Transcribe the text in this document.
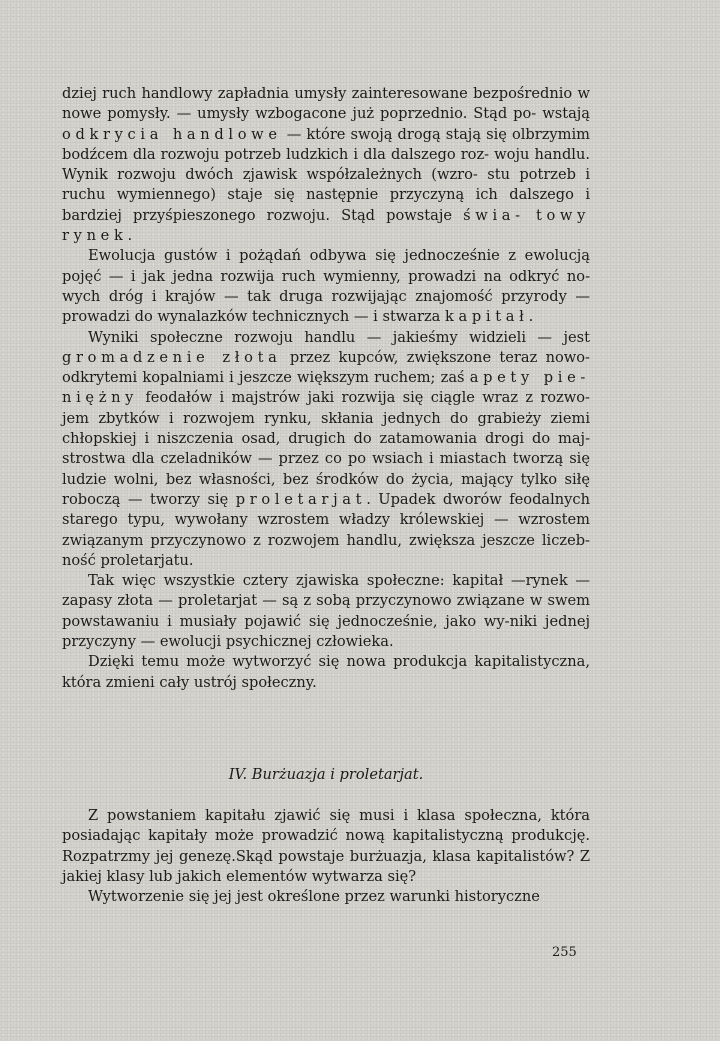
dziej ruch handlowy zapładnia umysły zainteresowane bezpośrednio w nowe pomysły. — umysły wzbogacone już poprzednio. Stąd po- wstają odkrycia handlowe — które swoją drogą stają się olbrzymim bodźcem dla rozwoju potrzeb ludzkich i dla dalszego roz- woju handlu. Wynik rozwoju dwóch zjawisk współzależnych (wzro- stu potrzeb i ruchu wymiennego) staje się następnie przyczyną ich dalszego i bardziej przyśpieszonego rozwoju. Stąd powstaje świa- towy rynek.

Ewolucja gustów i pożądań odbywa się jednocześnie z ewolucją pojęć — i jak jedna rozwija ruch wymienny, prowadzi na odkryć no-wych dróg i krajów — tak druga rozwijając znajomość przyrody — prowadzi do wynalazków technicznych — i stwarza kapitał.

Wyniki społeczne rozwoju handlu — jakieśmy widzieli — jest gromadzenie złota przez kupców, zwiększone teraz nowo-odkrytemi kopalniami i jeszcze większym ruchem; zaś apety pie-niężny feodałów i majstrów jaki rozwija się ciągle wraz z rozwo-jem zbytków i rozwojem rynku, skłania jednych do grabieży ziemi chłopskiej i niszczenia osad, drugich do zatamowania drogi do maj-strostwa dla czeladników — przez co po wsiach i miastach tworzą się ludzie wolni, bez własności, bez środków do życia, mający tylko siłę roboczą — tworzy się proletarjat. Upadek dworów feodalnych starego typu, wywołany wzrostem władzy królewskiej — wzrostem związanym przyczynowo z rozwojem handlu, zwiększa jeszcze liczeb-ność proletarjatu.

Tak więc wszystkie cztery zjawiska społeczne: kapitał —rynek — zapasy złota — proletarjat — są z sobą przyczynowo związane w swem powstawaniu i musiały pojawić się jednocześnie, jako wy-niki jednej przyczyny — ewolucji psychicznej człowieka.

Dzięki temu może wytworzyć się nowa produkcja kapitalistyczna, która zmieni cały ustrój społeczny.

IV. Burżuazja i proletarjat.

Z powstaniem kapitału zjawić się musi i klasa społeczna, która posiadając kapitały może prowadzić nową kapitalistyczną produkcję. Rozpatrzmy jej genezę.Skąd powstaje burżuazja, klasa kapitalistów? Z jakiej klasy lub jakich elementów wytwarza się?

Wytworzenie się jej jest określone przez warunki historyczne

255
